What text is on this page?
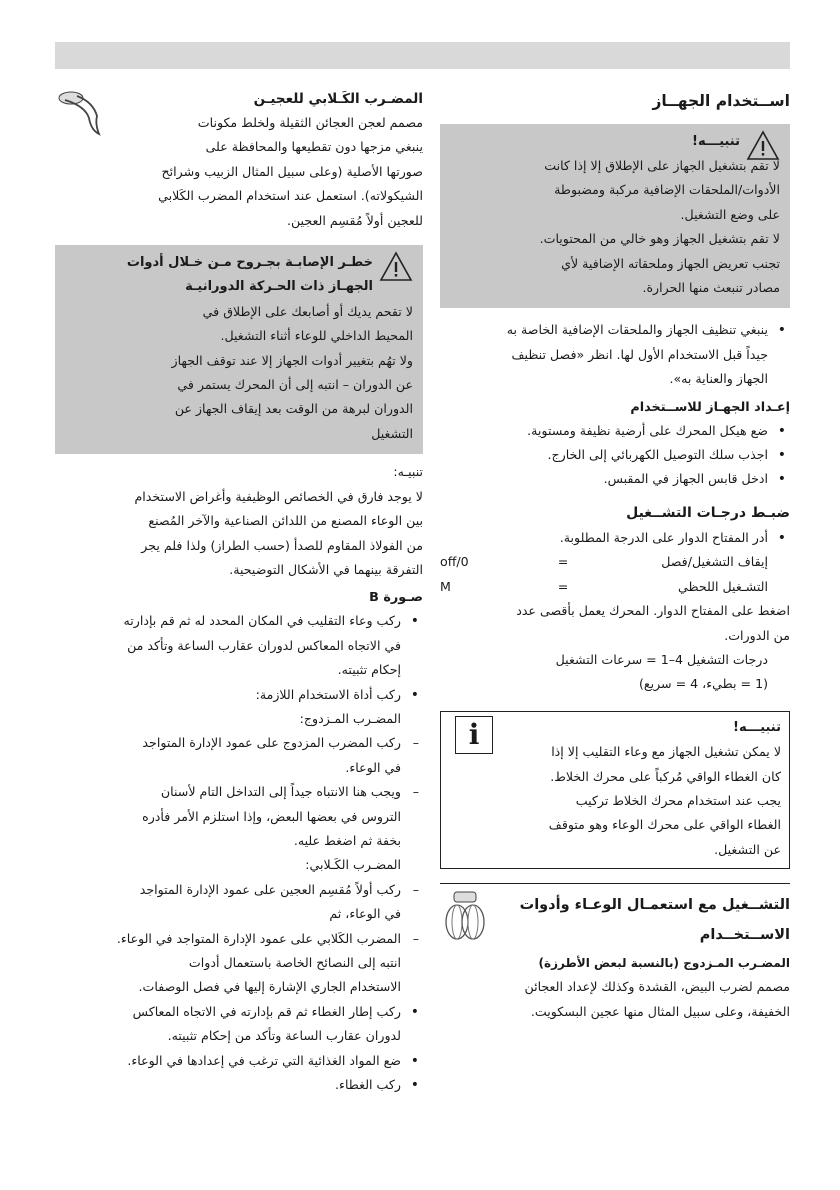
اســتخدام الجهــاز
تنبيـــه!

لا تقم بتشغيل الجهاز على الإطلاق إلا إذا كانت

الأدوات/الملحقات الإضافية مركبة ومضبوطة

على وضع التشغيل.

لا تقم بتشغيل الجهاز وهو خالي من المحتويات.

تجنب تعريض الجهاز وملحقاته الإضافية لأي

مصادر تنبعث منها الحرارة.

• ينبغي تنظيف الجهاز والملحقات الإضافية الخاصة به
جيداً قبل الاستخدام الأول لها. انظر «فصل تنظيف
الجهاز والعناية به».
إعـداد الجهـاز للاســتخدام
• ضع هيكل المحرك على أرضية نظيفة ومستوية.
• اجذب سلك التوصيل الكهربائي إلى الخارج.
• ادخل قابس الجهاز في المقبس.
ضبـط درجـات التشــغيل
• أدر المفتاح الدوار على الدرجة المطلوبة.
إيقاف التشغيل/فصل
=
0/off
التشـغيل اللحظي
=
M

اضغط على المفتاح الدوار. المحرك يعمل بأقصى عدد
من الدورات.

درجات التشغيل 4–1 = سرعات التشغيل
(1 = بطيء، 4 = سريع)

تنبيـــه!

لا يمكن تشغيل الجهاز مع وعاء التقليب إلا إذا

كان الغطاء الواقي مُركباً على محرك الخلاط.

يجب عند استخدام محرك الخلاط تركيب

الغطاء الواقي على محرك الوعاء وهو متوقف

عن التشغيل.

i
التشــغيل مع استعمـال الوعـاء وأدوات
الاســتخــدام
المضـرب المـزدوج (بالنسبة لبعض الأطرزة)

مصمم لضرب البيض، القشدة وكذلك لإعداد العجائن
الخفيفة، وعلى سبيل المثال منها عجين البسكويت.

المضـرب الكَـلابي للعجيـن

مصمم لعجن العجائن الثقيلة ولخلط مكونات

ينبغي مزجها دون تقطيعها والمحافظة على

صورتها الأصلية (وعلى سبيل المثال الزبيب وشرائح

الشيكولاته). استعمل عند استخدام المضرب الكَلابي

للعجين أولاً مُقسِم العجين.

خطـر الإصابـة بجـروح مـن خـلال أدوات
الجهـاز ذات الحـركة الدورانيـة

لا تقحم يديك أو أصابعك على الإطلاق في

المحيط الداخلي للوعاء أثناء التشغيل.

ولا تهُم بتغيير أدوات الجهاز إلا عند توقف الجهاز

عن الدوران – انتبه إلى أن المحرك يستمر في

الدوران لبرهة من الوقت بعد إيقاف الجهاز عن

التشغيل

تنبيـه:

لا يوجد فارق في الخصائص الوظيفية وأغراض الاستخدام

بين الوعاء المصنع من اللدائن الصناعية والآخر المُصنع

من الفولاذ المقاوم للصدأ (حسب الطراز) ولذا فلم يجر

التفرقة بينهما في الأشكال التوضيحية.

صـورة B
• ركب وعاء التقليب في المكان المحدد له ثم قم بإدارته
في الاتجاه المعاكس لدوران عقارب الساعة وتأكد من
إحكام تثبيته.
• ركب أداة الاستخدام اللازمة:

المضـرب المـزدوج:

– ركب المضرب المزدوج على عمود الإدارة المتواجد
في الوعاء.
– ويجب هنا الانتباه جيداً إلى التداخل التام لأسنان
التروس في بعضها البعض، وإذا استلزم الأمر فأدره
بخفة ثم اضغط عليه.

المضـرب الكَـلابي:

– ركب أولاً مُقسِم العجين على عمود الإدارة المتواجد
في الوعاء، ثم
– المضرب الكَلابي على عمود الإدارة المتواجد في الوعاء.

انتبه إلى النصائح الخاصة باستعمال أدوات
الاستخدام الجاري الإشارة إليها في فصل الوصفات.

• ركب إطار الغطاء ثم قم بإدارته في الاتجاه المعاكس
لدوران عقارب الساعة وتأكد من إحكام تثبيته.
• ضع المواد الغذائية التي ترغب في إعدادها في الوعاء.
• ركب الغطاء.
